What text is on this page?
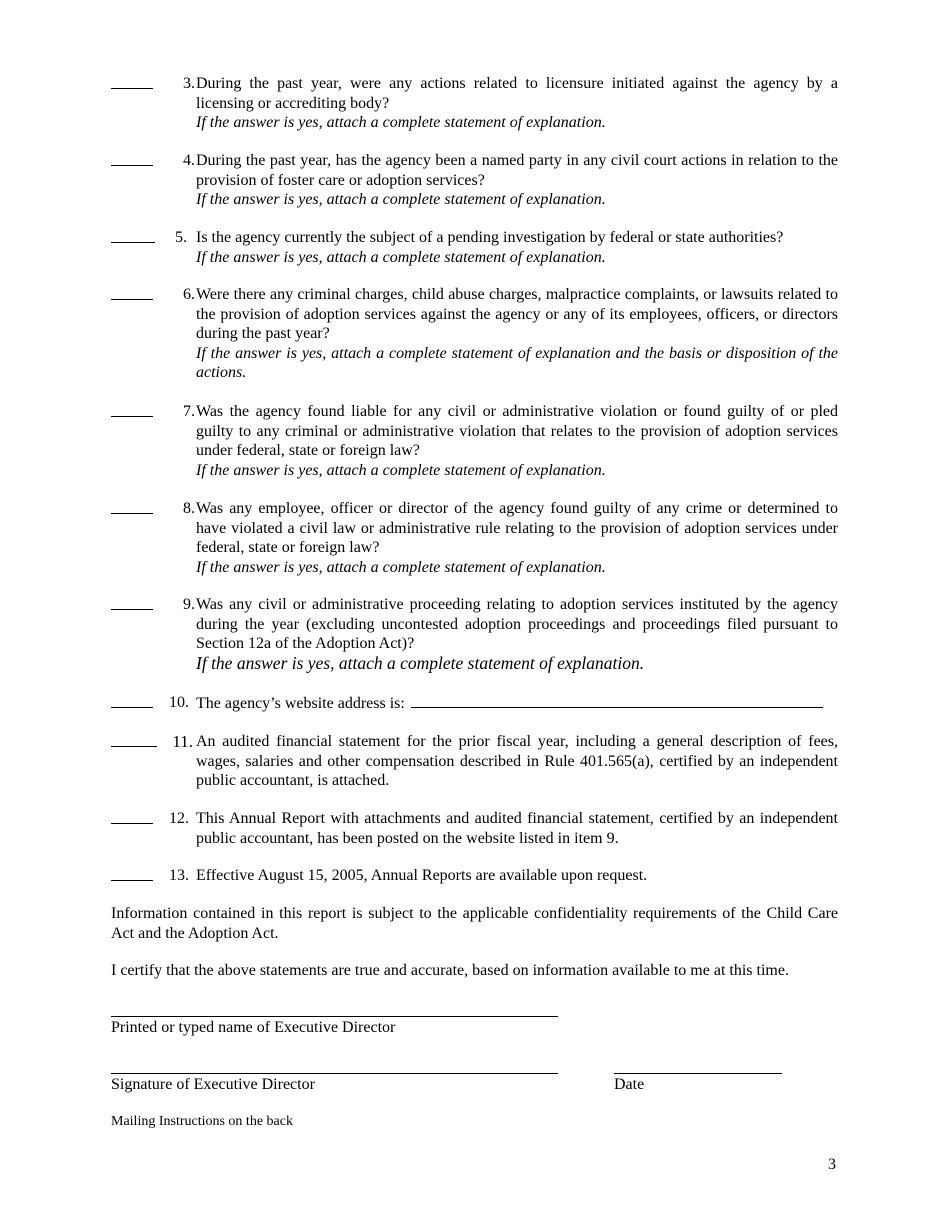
3. During the past year, were any actions related to licensure initiated against the agency by a licensing or accrediting body?
If the answer is yes, attach a complete statement of explanation.
4. During the past year, has the agency been a named party in any civil court actions in relation to the provision of foster care or adoption services?
If the answer is yes, attach a complete statement of explanation.
5. Is the agency currently the subject of a pending investigation by federal or state authorities?
If the answer is yes, attach a complete statement of explanation.
6. Were there any criminal charges, child abuse charges, malpractice complaints, or lawsuits related to the provision of adoption services against the agency or any of its employees, officers, or directors during the past year?
If the answer is yes, attach a complete statement of explanation and the basis or disposition of the actions.
7. Was the agency found liable for any civil or administrative violation or found guilty of or pled guilty to any criminal or administrative violation that relates to the provision of adoption services under federal, state or foreign law?
If the answer is yes, attach a complete statement of explanation.
8. Was any employee, officer or director of the agency found guilty of any crime or determined to have violated a civil law or administrative rule relating to the provision of adoption services under federal, state or foreign law?
If the answer is yes, attach a complete statement of explanation.
9. Was any civil or administrative proceeding relating to adoption services instituted by the agency during the year (excluding uncontested adoption proceedings and proceedings filed pursuant to Section 12a of the Adoption Act)?
If the answer is yes, attach a complete statement of explanation.
10. The agency’s website address is:
11. An audited financial statement for the prior fiscal year, including a general description of fees, wages, salaries and other compensation described in Rule 401.565(a), certified by an independent public accountant, is attached.
12. This Annual Report with attachments and audited financial statement, certified by an independent public accountant, has been posted on the website listed in item 9.
13. Effective August 15, 2005, Annual Reports are available upon request.
Information contained in this report is subject to the applicable confidentiality requirements of the Child Care Act and the Adoption Act.
I certify that the above statements are true and accurate, based on information available to me at this time.
Printed or typed name of Executive Director
Signature of Executive Director	Date
Mailing Instructions on the back
3
